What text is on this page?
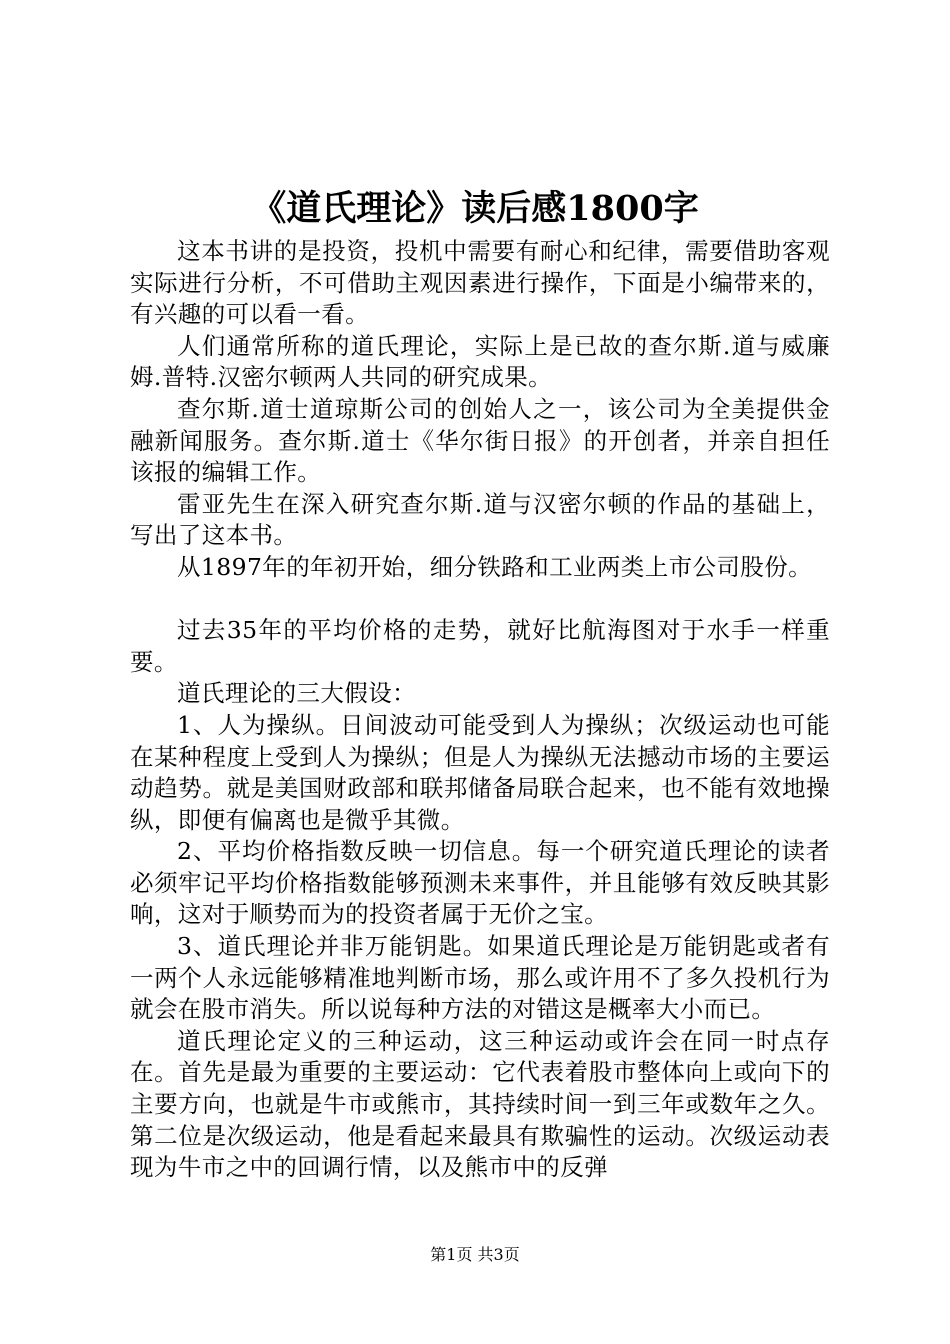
《道氏理论》读后感1800字

这本书讲的是投资，投机中需要有耐心和纪律，需要借助客观实际进行分析，不可借助主观因素进行操作，下面是小编带来的，有兴趣的可以看一看。

人们通常所称的道氏理论，实际上是已故的查尔斯.道与威廉姆.普特.汉密尔顿两人共同的研究成果。

查尔斯.道士道琼斯公司的创始人之一，该公司为全美提供金融新闻服务。查尔斯.道士《华尔街日报》的开创者，并亲自担任该报的编辑工作。

雷亚先生在深入研究查尔斯.道与汉密尔顿的作品的基础上，写出了这本书。

从1897年的年初开始，细分铁路和工业两类上市公司股份。

过去35年的平均价格的走势，就好比航海图对于水手一样重要。

道氏理论的三大假设：

1、人为操纵。日间波动可能受到人为操纵；次级运动也可能在某种程度上受到人为操纵；但是人为操纵无法撼动市场的主要运动趋势。就是美国财政部和联邦储备局联合起来，也不能有效地操纵，即便有偏离也是微乎其微。

2、平均价格指数反映一切信息。每一个研究道氏理论的读者必须牢记平均价格指数能够预测未来事件，并且能够有效反映其影响，这对于顺势而为的投资者属于无价之宝。

3、道氏理论并非万能钥匙。如果道氏理论是万能钥匙或者有一两个人永远能够精准地判断市场，那么或许用不了多久投机行为就会在股市消失。所以说每种方法的对错这是概率大小而已。

道氏理论定义的三种运动，这三种运动或许会在同一时点存在。首先是最为重要的主要运动：它代表着股市整体向上或向下的主要方向，也就是牛市或熊市，其持续时间一到三年或数年之久。第二位是次级运动，他是看起来最具有欺骗性的运动。次级运动表现为牛市之中的回调行情，以及熊市中的反弹

第1页 共3页
